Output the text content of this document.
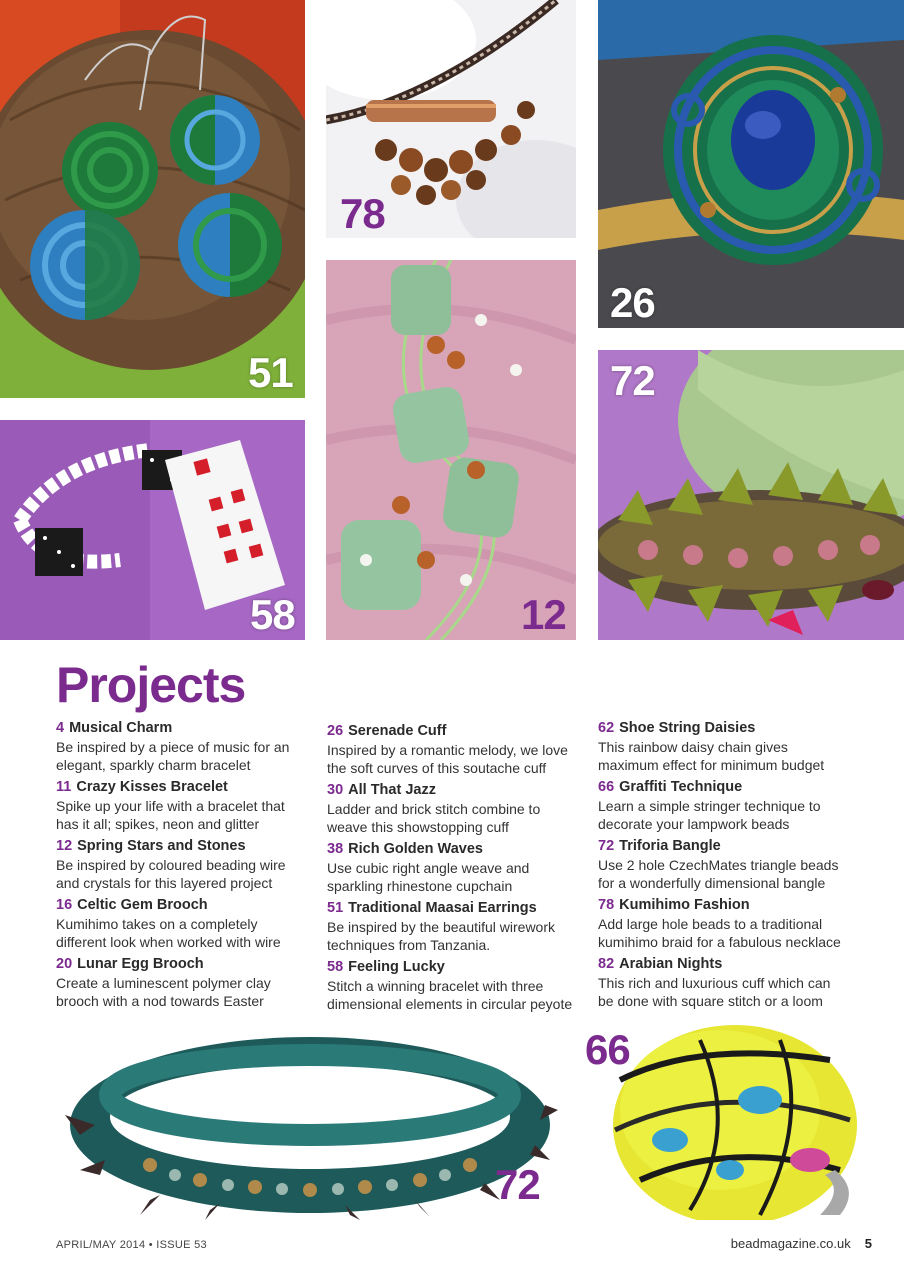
51
78
26
58	12
72
Projects
4 Musical Charm
Be inspired by a piece of music for an
elegant, sparkly charm bracelet
11 Crazy Kisses Bracelet
Spike up your life with a bracelet that
has it all; spikes, neon and glitter
12 Spring Stars and Stones
Be inspired by coloured beading wire
and crystals for this layered project
16 Celtic Gem Brooch
Kumihimo takes on a completely
different look when worked with wire
20 Lunar Egg Brooch
Create a luminescent polymer clay
brooch with a nod towards Easter
26 Serenade Cuff
Inspired by a romantic melody, we love
the soft curves of this soutache cuff
30 All That Jazz
Ladder and brick stitch combine to
weave this showstopping cuff
38 Rich Golden Waves
Use cubic right angle weave and
sparkling rhinestone cupchain
51 Traditional Maasai Earrings
Be inspired by the beautiful wirework
techniques from Tanzania.
58 Feeling Lucky
Stitch a winning bracelet with three
dimensional elements in circular peyote
62 Shoe String Daisies
This rainbow daisy chain gives
maximum effect for minimum budget
66 Graffiti Technique
Learn a simple stringer technique to
decorate your lampwork beads
72 Triforia Bangle
Use 2 hole CzechMates triangle beads
for a wonderfully dimensional bangle
78 Kumihimo Fashion
Add large hole beads to a traditional
kumihimo braid for a fabulous necklace
82 Arabian Nights
This rich and luxurious cuff which can
be done with square stitch or a loom
72
66
APRIL/MAY 2014 • ISSUE 53	beadmagazine.co.uk 5
